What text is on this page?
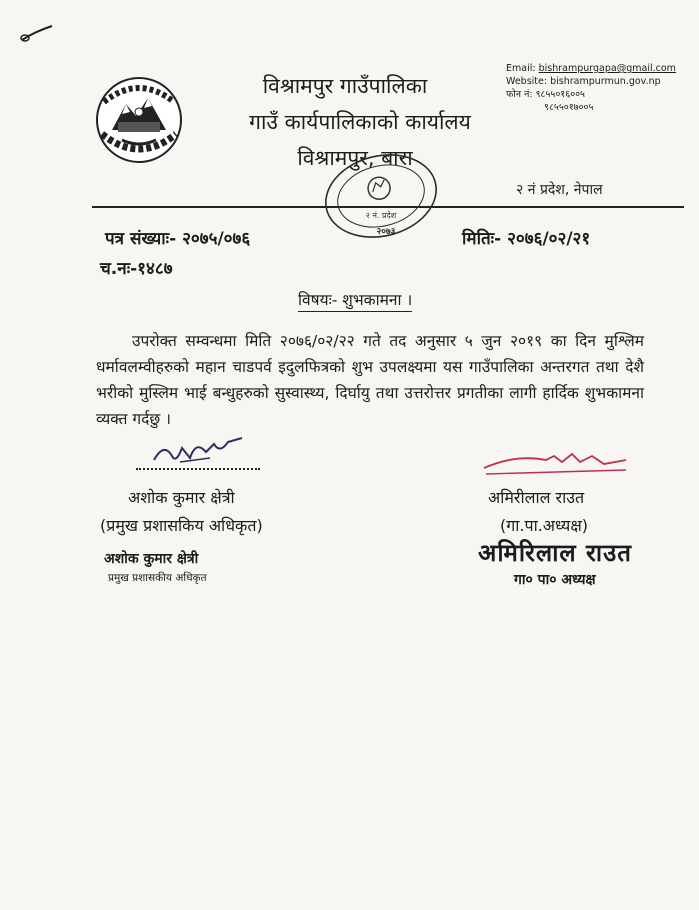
विश्रामपुर गाउँपालिका
गाउँ कार्यपालिकाको कार्यालय
विश्रामपुर, बारा
Email: bishrampurgapa@gmail.com
Website: bishrampurmun.gov.np
फोन नं: ९८५५०१६००५
९८५५०१७००५
२ नं प्रदेश, नेपाल
२ नं. प्रदेश
२०७३
पत्र संख्याः- २०७५/०७६	मितिः- २०७६/०२/२१
च.नः-१४८७
विषयः- शुभकामना ।
उपरोक्त सम्वन्धमा मिति २०७६/०२/२२ गते तद अनुसार ५ जुन २०१९ का दिन मुश्लिम धर्मावलम्वीहरुको महान चाडपर्व इदुलफित्रको शुभ उपलक्ष्यमा यस गाउँपालिका अन्तरगत तथा देशै भरीको मुस्लिम भाई बन्धुहरुको सुस्वास्थ्य, दिर्घायु तथा उत्तरोत्तर प्रगतीका लागी हार्दिक शुभकामना व्यक्त गर्दछु ।
अशोक कुमार क्षेत्री
(प्रमुख प्रशासकिय अधिकृत)
अशोक कुमार क्षेत्री
प्रमुख प्रशासकीय अधिकृत
अमिरीलाल राउत
(गा.पा.अध्यक्ष)
अमिरिलाल राउत
गा० पा० अध्यक्ष
